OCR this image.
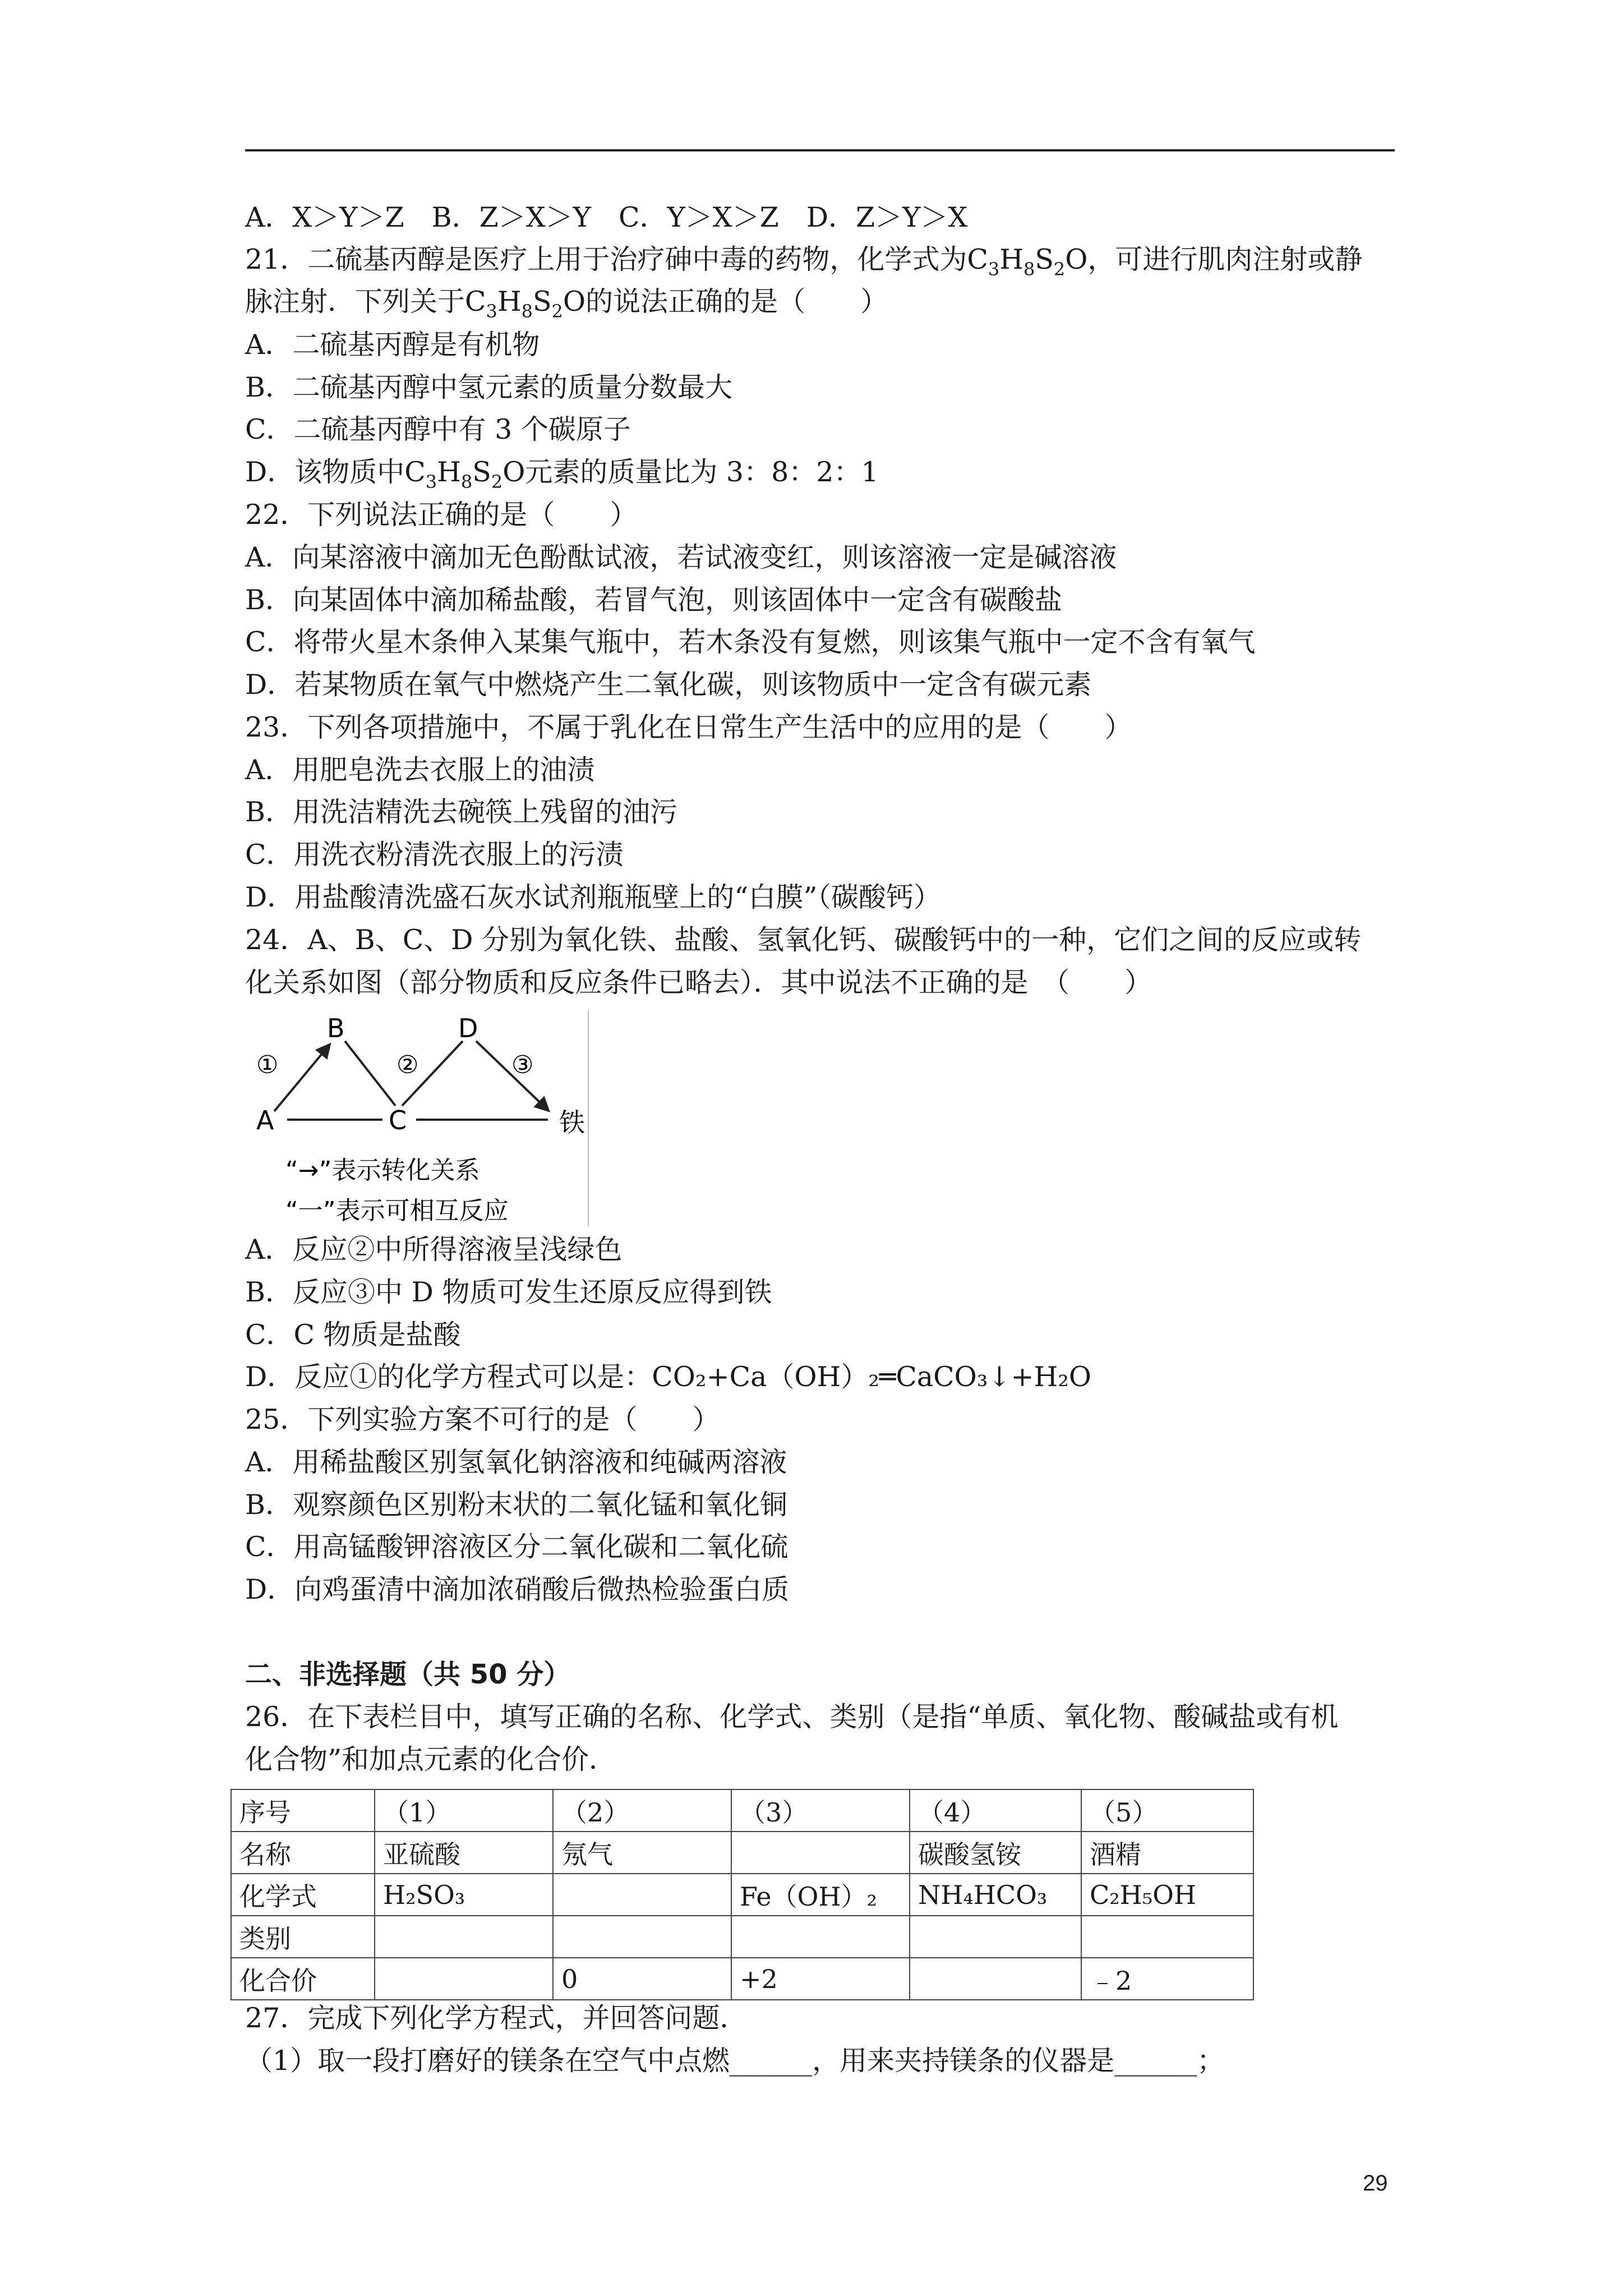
A．X＞Y＞Z　B．Z＞X＞Y　C．Y＞X＞Z　D．Z＞Y＞X
21．二硫基丙醇是医疗上用于治疗砷中毒的药物，化学式为$C_3H_8S_2O$，可进行肌肉注射或静
脉注射．下列关于$C_3H_8S_2O$的说法正确的是（　　）
A．二硫基丙醇是有机物
B．二硫基丙醇中氢元素的质量分数最大
C．二硫基丙醇中有 3 个碳原子
D．该物质中$C_3H_8S_2O$元素的质量比为 3：8：2：1
22．下列说法正确的是（　　）
A．向某溶液中滴加无色酚酞试液，若试液变红，则该溶液一定是碱溶液
B．向某固体中滴加稀盐酸，若冒气泡，则该固体中一定含有碳酸盐
C．将带火星木条伸入某集气瓶中，若木条没有复燃，则该集气瓶中一定不含有氧气
D．若某物质在氧气中燃烧产生二氧化碳，则该物质中一定含有碳元素
23．下列各项措施中，不属于乳化在日常生产生活中的应用的是（　　）
A．用肥皂洗去衣服上的油渍
B．用洗洁精洗去碗筷上残留的油污
C．用洗衣粉清洗衣服上的污渍
D．用盐酸清洗盛石灰水试剂瓶瓶壁上的“白膜”（碳酸钙）
24．A、B、C、D 分别为氧化铁、盐酸、氢氧化钙、碳酸钙中的一种，它们之间的反应或转
化关系如图（部分物质和反应条件已略去）．其中说法不正确的是　（　　）
A
B
C
D
铁
①	②	③
“→”表示转化关系
“一”表示可相互反应
A．反应②中所得溶液呈浅绿色
B．反应③中 D 物质可发生还原反应得到铁
C．C 物质是盐酸
D．反应①的化学方程式可以是：CO₂+Ca（OH）₂═CaCO₃↓+H₂O
25．下列实验方案不可行的是（　　）
A．用稀盐酸区别氢氧化钠溶液和纯碱两溶液
B．观察颜色区别粉末状的二氧化锰和氧化铜
C．用高锰酸钾溶液区分二氧化碳和二氧化硫
D．向鸡蛋清中滴加浓硝酸后微热检验蛋白质
二、非选择题（共 50 分）
26．在下表栏目中，填写正确的名称、化学式、类别（是指“单质、氧化物、酸碱盐或有机
化合物”和加点元素的化合价．
序号	（1）	（2）	（3）	（4）	（5）
名称	亚硫酸	氖气		碳酸氢铵	酒精
化学式	H₂SO₃		Fe（OH）₂	NH₄HCO₃	C₂H₅OH
类别					
化合价		0	+2		﹣2
27．完成下列化学方程式，并回答问题．
（1）取一段打磨好的镁条在空气中点燃______，用来夹持镁条的仪器是______；
29
